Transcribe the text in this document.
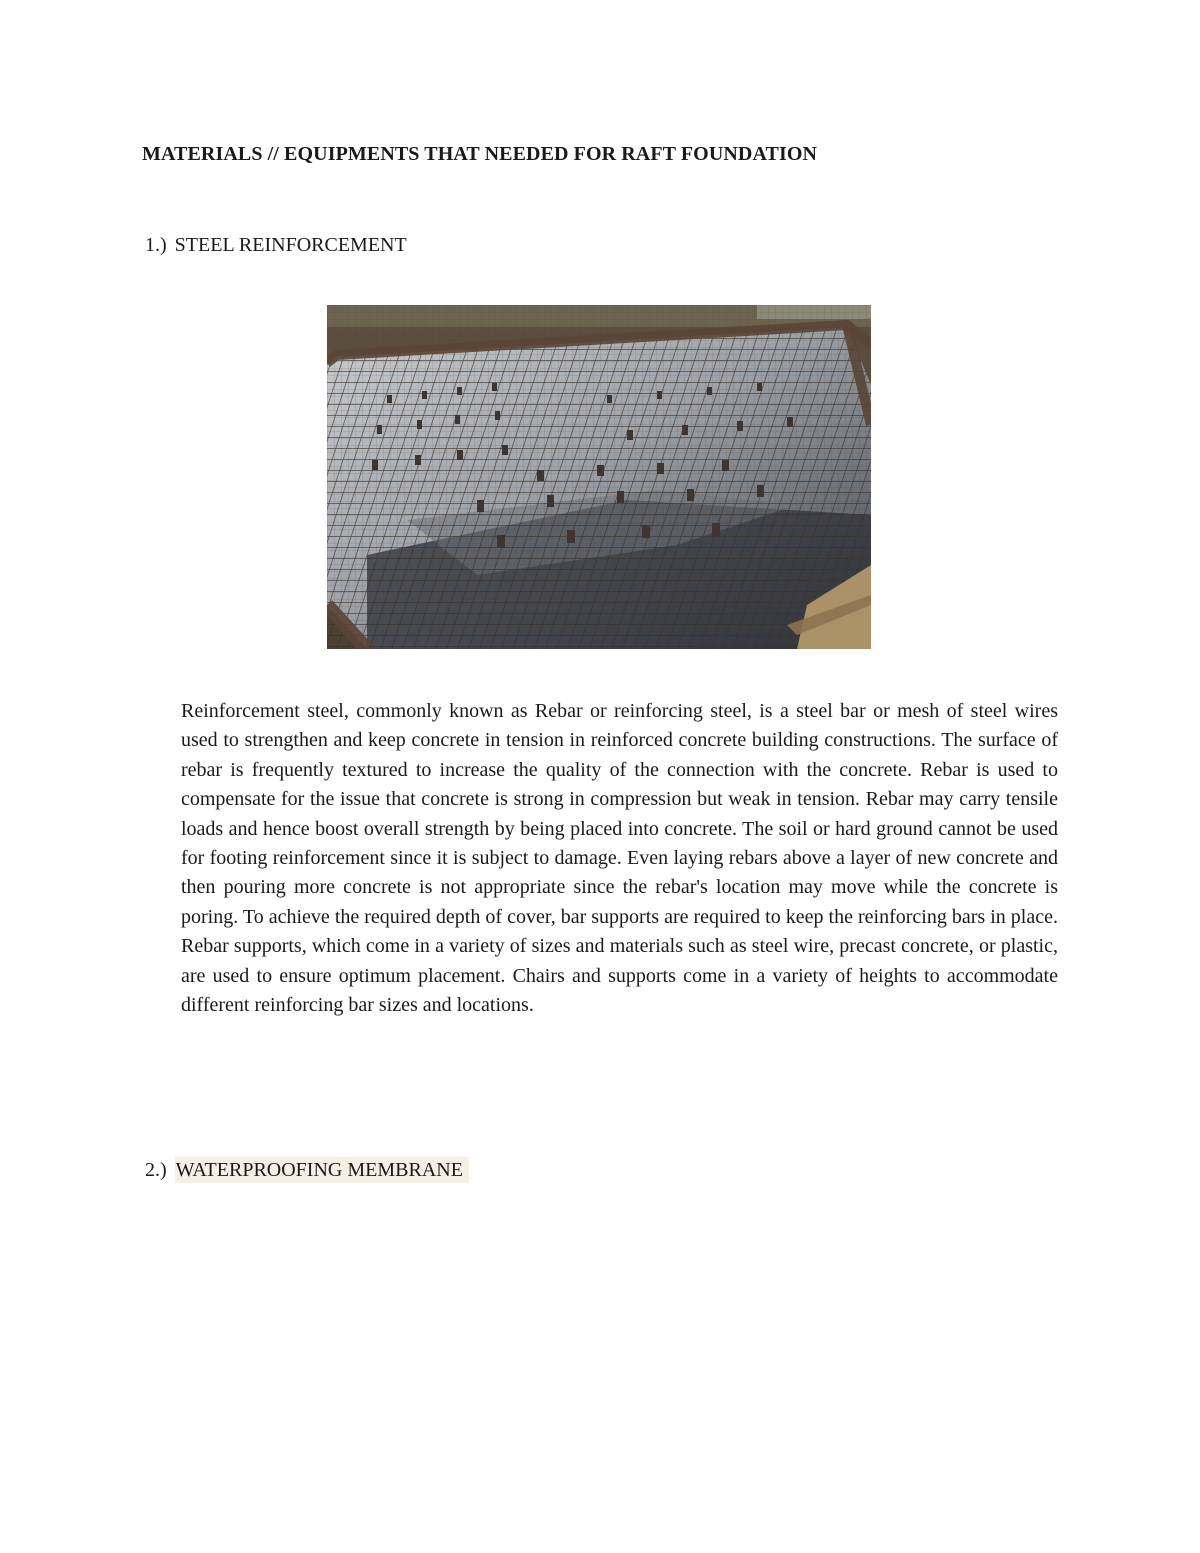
MATERIALS // EQUIPMENTS THAT NEEDED FOR RAFT FOUNDATION
1.) STEEL REINFORCEMENT

Reinforcement steel, commonly known as Rebar or reinforcing steel, is a steel bar or mesh of steel wires used to strengthen and keep concrete in tension in reinforced concrete building constructions. The surface of rebar is frequently textured to increase the quality of the connection with the concrete. Rebar is used to compensate for the issue that concrete is strong in compression but weak in tension. Rebar may carry tensile loads and hence boost overall strength by being placed into concrete. The soil or hard ground cannot be used for footing reinforcement since it is subject to damage. Even laying rebars above a layer of new concrete and then pouring more concrete is not appropriate since the rebar's location may move while the concrete is poring. To achieve the required depth of cover, bar supports are required to keep the reinforcing bars in place. Rebar supports, which come in a variety of sizes and materials such as steel wire, precast concrete, or plastic, are used to ensure optimum placement. Chairs and supports come in a variety of heights to accommodate different reinforcing bar sizes and locations.

2.) WATERPROOFING MEMBRANE
